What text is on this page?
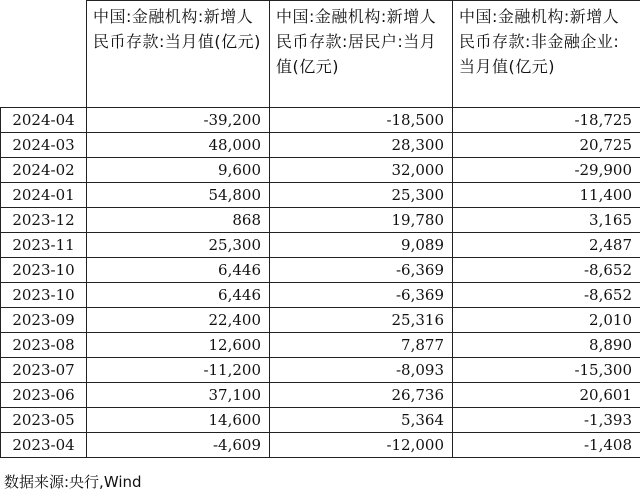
	中国:金融机构:新增人民币存款:当月值(亿元)	中国:金融机构:新增人民币存款:居民户:当月值(亿元)	中国:金融机构:新增人民币存款:非金融企业:当月值(亿元)
2024-04	-39,200	-18,500	-18,725
2024-03	48,000	28,300	20,725
2024-02	9,600	32,000	-29,900
2024-01	54,800	25,300	11,400
2023-12	868	19,780	3,165
2023-11	25,300	9,089	2,487
2023-10	6,446	-6,369	-8,652
2023-10	6,446	-6,369	-8,652
2023-09	22,400	25,316	2,010
2023-08	12,600	7,877	8,890
2023-07	-11,200	-8,093	-15,300
2023-06	37,100	26,736	20,601
2023-05	14,600	5,364	-1,393
2023-04	-4,609	-12,000	-1,408
数据来源:央行,Wind
